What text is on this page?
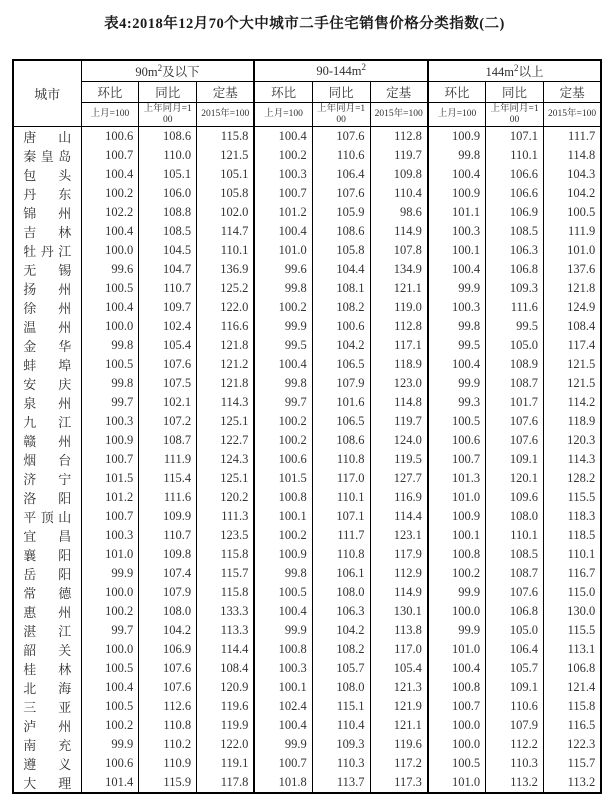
表4:2018年12月70个大中城市二手住宅销售价格分类指数(二)
城市	$90m^2$及以下			$90-144m^2$			$144m^2$以上		
	环比	同比	定基	环比	同比	定基	环比	同比	定基
	上月=100	上年同月=100	2015年=100	上月=100	上年同月=100	2015年=100	上月=100	上年同月=100	2015年=100

唐山	100.6	108.6	115.8	100.4	107.6	112.8	100.9	107.1	111.7

秦皇岛	100.7	110.0	121.5	100.2	110.6	119.7	99.8	110.1	114.8

包头	100.4	105.1	105.1	100.3	106.4	109.8	100.4	106.6	104.3

丹东	100.2	106.0	105.8	100.7	107.6	110.4	100.9	106.6	104.2

锦州	102.2	108.8	102.0	101.2	105.9	98.6	101.1	106.9	100.5

吉林	100.4	108.5	114.7	100.4	108.6	114.9	100.3	108.5	111.9

牡丹江	100.0	104.5	110.1	101.0	105.8	107.8	100.1	106.3	101.0

无锡	99.6	104.7	136.9	99.6	104.4	134.9	100.4	106.8	137.6

扬州	100.5	110.7	125.2	99.8	108.1	121.1	99.9	109.3	121.8

徐州	100.4	109.7	122.0	100.2	108.2	119.0	100.3	111.6	124.9

温州	100.0	102.4	116.6	99.9	100.6	112.8	99.8	99.5	108.4

金华	99.8	105.4	121.8	99.5	104.2	117.1	99.5	105.0	117.4

蚌埠	100.5	107.6	121.2	100.4	106.5	118.9	100.4	108.9	121.5

安庆	99.8	107.5	121.8	99.8	107.9	123.0	99.9	108.7	121.5

泉州	99.7	102.1	114.3	99.7	101.6	114.8	99.3	101.7	114.2

九江	100.3	107.2	125.1	100.2	106.5	119.7	100.5	107.6	118.9

赣州	100.9	108.7	122.7	100.2	108.6	124.0	100.6	107.6	120.3

烟台	100.7	111.9	124.3	100.6	110.8	119.5	100.7	109.1	114.3

济宁	101.5	115.4	125.1	101.5	117.0	127.7	101.3	120.1	128.2

洛阳	101.2	111.6	120.2	100.8	110.1	116.9	101.0	109.6	115.5

平顶山	100.7	109.9	111.3	100.1	107.1	114.4	100.9	108.0	118.3

宜昌	100.3	110.7	123.5	100.2	111.7	123.1	100.1	110.1	118.5

襄阳	101.0	109.8	115.8	100.9	110.8	117.9	100.8	108.5	110.1

岳阳	99.9	107.4	115.7	99.8	106.1	112.9	100.2	108.7	116.7

常德	100.0	107.9	115.8	100.5	108.0	114.9	99.9	107.6	115.0

惠州	100.2	108.0	133.3	100.4	106.3	130.1	100.0	106.8	130.0

湛江	99.7	104.2	113.3	99.9	104.2	113.8	99.9	105.0	115.5

韶关	100.0	106.9	114.4	100.8	108.2	117.0	101.0	106.4	113.1

桂林	100.5	107.6	108.4	100.3	105.7	105.4	100.4	105.7	106.8

北海	100.4	107.6	120.9	100.1	108.0	121.3	100.8	109.1	121.4

三亚	100.5	112.6	119.6	102.4	115.1	121.9	100.7	110.6	115.8

泸州	100.2	110.8	119.9	100.4	110.4	121.1	100.0	107.9	116.5

南充	99.9	110.2	122.0	99.9	109.3	119.6	100.0	112.2	122.3

遵义	100.6	110.9	119.1	100.7	110.3	117.2	100.5	110.3	115.7

大理	101.4	115.9	117.8	101.8	113.7	117.3	101.0	113.2	113.2
